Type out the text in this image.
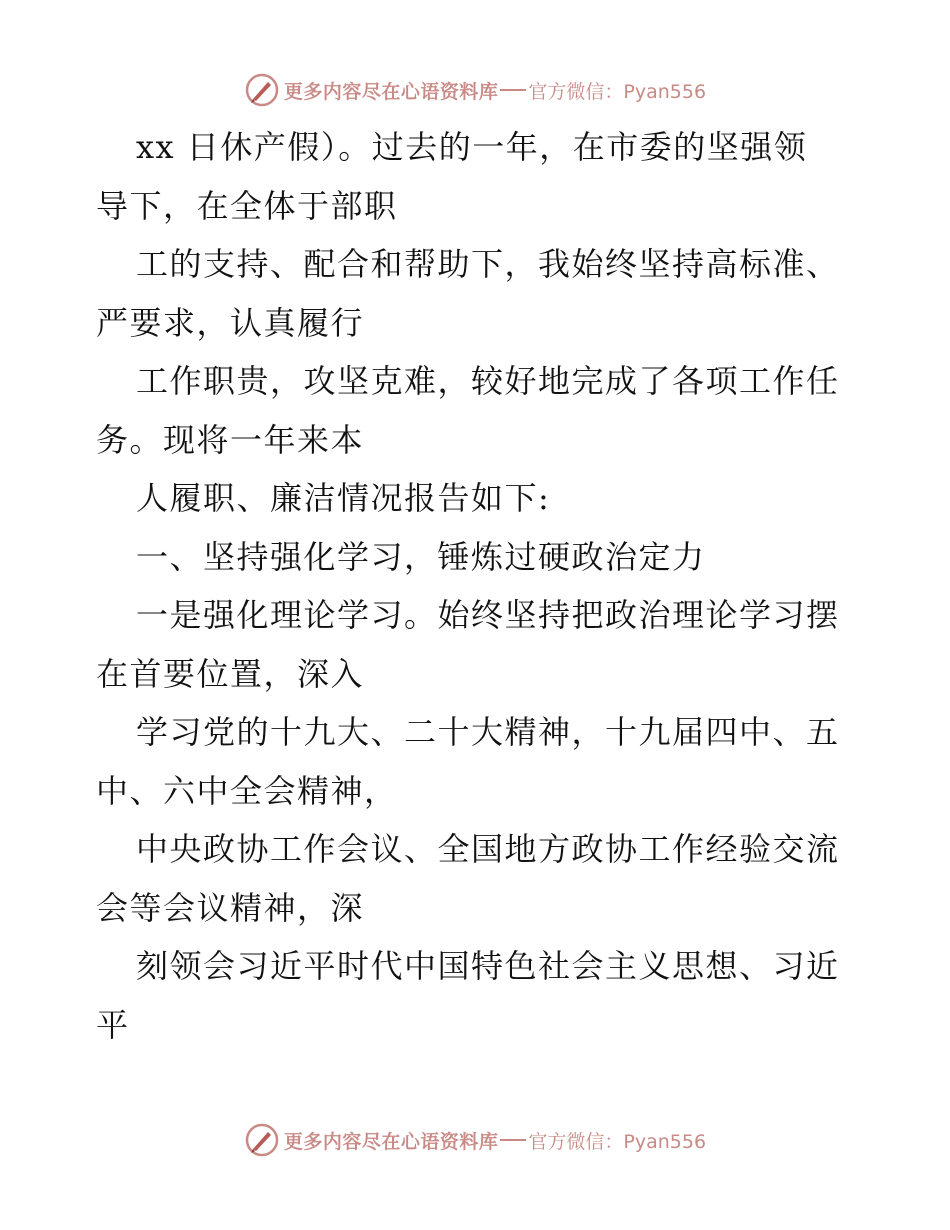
更多内容尽在心语资料库 官方微信：Pyan556
xx 日休产假）。过去的一年，在市委的坚强领
导下，在全体于部职
工的支持、配合和帮助下，我始终坚持高标准、
严要求，认真履行
工作职贵，攻坚克难，较好地完成了各项工作任
务。现将一年来本
人履职、廉洁情况报告如下:
一、坚持强化学习，锤炼过硬政治定力
一是强化理论学习。始终坚持把政治理论学习摆
在首要位置，深入
学习党的十九大、二十大精神，十九届四中、五
中、六中全会精神，
中央政协工作会议、全国地方政协工作经验交流
会等会议精神，深
刻领会习近平时代中国特色社会主义思想、习近
平
更多内容尽在心语资料库 官方微信：Pyan556
